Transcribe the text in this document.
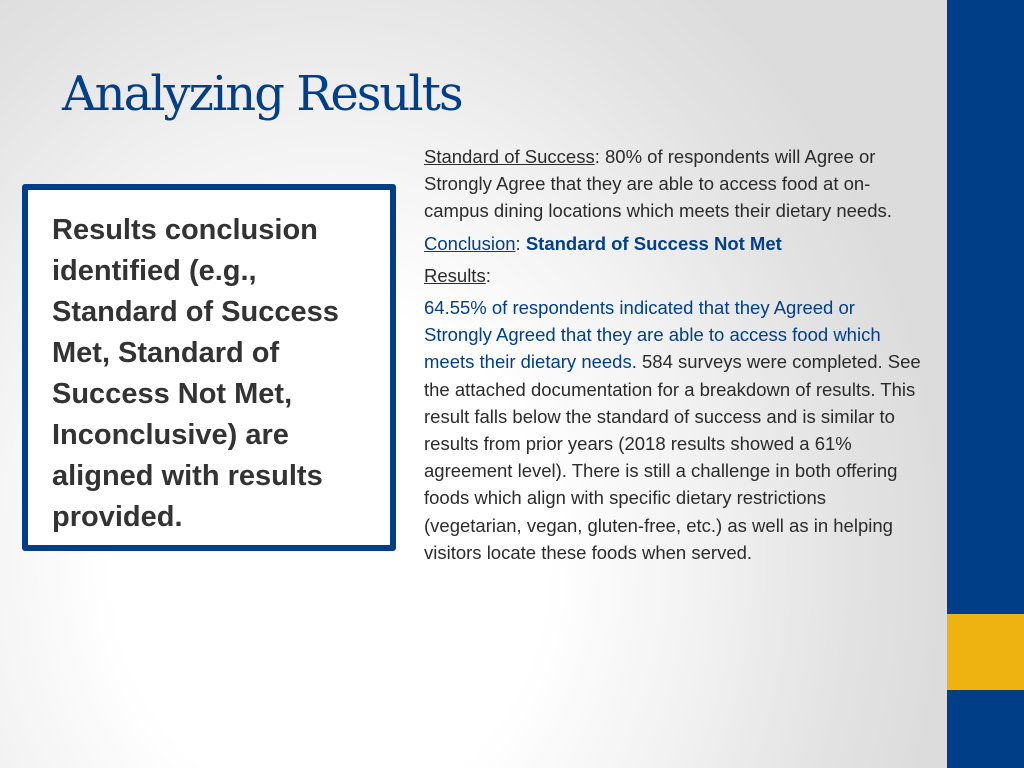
Analyzing Results

Results conclusion identified (e.g., Standard of Success Met, Standard of Success Not Met, Inconclusive) are aligned with results provided.

Standard of Success: 80% of respondents will Agree or Strongly Agree that they are able to access food at on-campus dining locations which meets their dietary needs.

Conclusion: Standard of Success Not Met

Results:

64.55% of respondents indicated that they Agreed or Strongly Agreed that they are able to access food which meets their dietary needs. 584 surveys were completed. See the attached documentation for a breakdown of results. This result falls below the standard of success and is similar to results from prior years (2018 results showed a 61% agreement level). There is still a challenge in both offering foods which align with specific dietary restrictions (vegetarian, vegan, gluten-free, etc.) as well as in helping visitors locate these foods when served.
